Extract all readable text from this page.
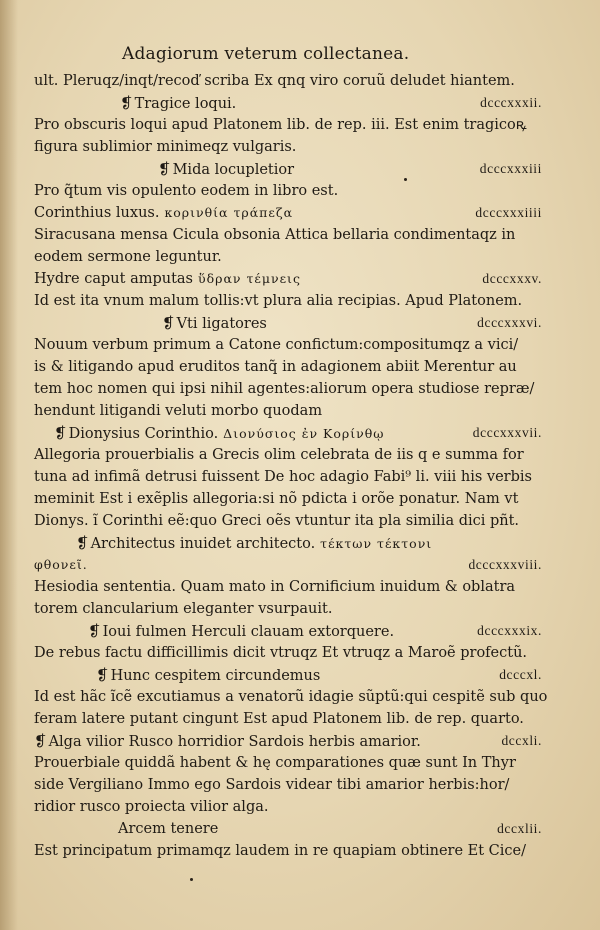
Adagiorum veterum collectanea.
ult. Pleruqz/inqt/recoď scriba Ex qnq viro coruũ deludet hiantem.
❡ Tragice loqui.	dcccxxxii.
Pro obscuris loqui apud Platonem lib. de rep. iii. Est enim tragicoꝶ
figura sublimior minimeqz vulgaris.
❡ Mida locupletior	dcccxxxiii
Pro q̃tum vis opulento eodem in libro est.
Corinthius luxus. κορινθία τράπεζα	dcccxxxiiii
Siracusana mensa Cicula obsonia Attica bellaria condimentaqz in
eodem sermone leguntur.
Hydre caput amputas ὕδραν τέμνεις	dcccxxxv.
Id est ita vnum malum tollis:vt plura alia recipias. Apud Platonem.
❡ Vti ligatores	dcccxxxvi.
Nouum verbum primum a Catone confictum:compositumqz a vici/
is & litigando apud eruditos tanq̃ in adagionem abiit Merentur au
tem hoc nomen qui ipsi nihil agentes:aliorum opera studiose repræ/
hendunt litigandi veluti morbo quodam
❡ Dionysius Corinthio. Διονύσιος ἐν Κορίνθῳ	dcccxxxvii.
Allegoria prouerbialis a Grecis olim celebrata de iis q e summa for
tuna ad infimã detrusi fuissent De hoc adagio Fabi⁹ li. viii his verbis
meminit Est i exẽplis allegoria:si nõ pdicta i orõe ponatur. Nam vt
Dionys. ĩ Corinthi eẽ:quo Greci oẽs vtuntur ita pla similia dici pñt.
❡ Architectus inuidet architecto. τέκτων τέκτονι
φθονεῖ.	dcccxxxviii.
Hesiodia sententia. Quam mato in Cornificium inuidum & oblatra
torem clancularium eleganter vsurpauit.
❡ Ioui fulmen Herculi clauam extorquere.	dcccxxxix.
De rebus factu difficillimis dicit vtruqz Et vtruqz a Maroẽ profectũ.
❡ Hunc cespitem circundemus	dcccxl.
Id est hãc ĩcẽ excutiamus a venatorũ idagie sũptũ:qui cespitẽ sub quo
feram latere putant cingunt Est apud Platonem lib. de rep. quarto.
❡ Alga vilior Rusco horridior Sardois herbis amarior.	dccxli.
Prouerbiale quiddã habent & hę comparationes quæ sunt In Thyr
side Vergiliano Immo ego Sardois videar tibi amarior herbis:hor/
ridior rusco proiecta vilior alga.
Arcem tenere	dccxlii.
Est principatum primamqz laudem in re quapiam obtinere Et Cice/
